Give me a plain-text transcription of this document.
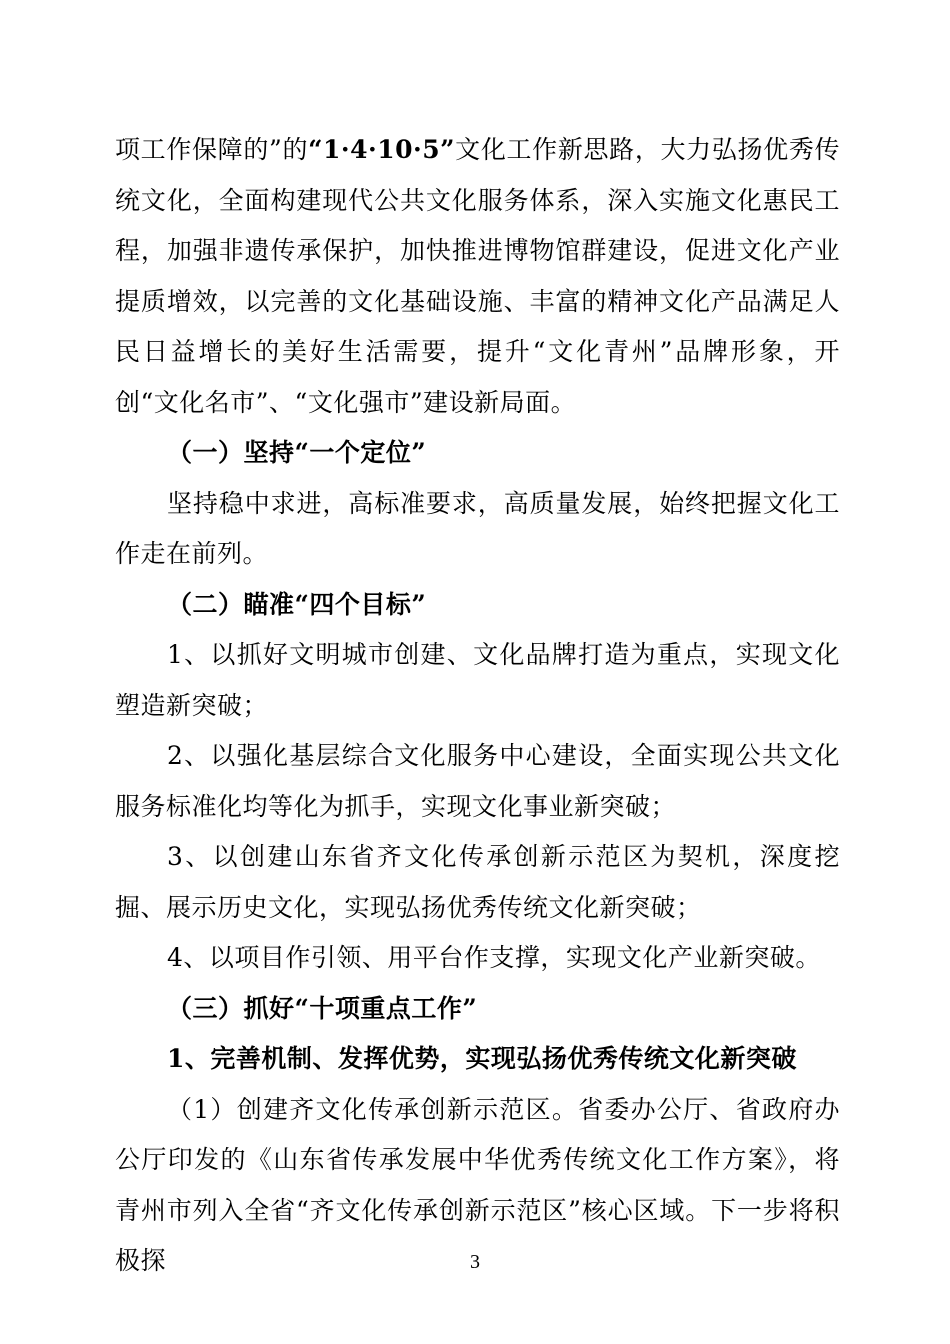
项工作保障的”的“1·4·10·5”文化工作新思路，大力弘扬优秀传统文化，全面构建现代公共文化服务体系，深入实施文化惠民工程，加强非遗传承保护，加快推进博物馆群建设，促进文化产业提质增效，以完善的文化基础设施、丰富的精神文化产品满足人民日益增长的美好生活需要，提升“文化青州”品牌形象，开创“文化名市”、“文化强市”建设新局面。

（一）坚持“一个定位”

坚持稳中求进，高标准要求，高质量发展，始终把握文化工作走在前列。

（二）瞄准“四个目标”

1、以抓好文明城市创建、文化品牌打造为重点，实现文化塑造新突破；

2、以强化基层综合文化服务中心建设，全面实现公共文化服务标准化均等化为抓手，实现文化事业新突破；

3、以创建山东省齐文化传承创新示范区为契机，深度挖掘、展示历史文化，实现弘扬优秀传统文化新突破；

4、以项目作引领、用平台作支撑，实现文化产业新突破。

（三）抓好“十项重点工作”

1、完善机制、发挥优势，实现弘扬优秀传统文化新突破

（1）创建齐文化传承创新示范区。省委办公厅、省政府办公厅印发的《山东省传承发展中华优秀传统文化工作方案》，将青州市列入全省“齐文化传承创新示范区”核心区域。下一步将积极探	3
